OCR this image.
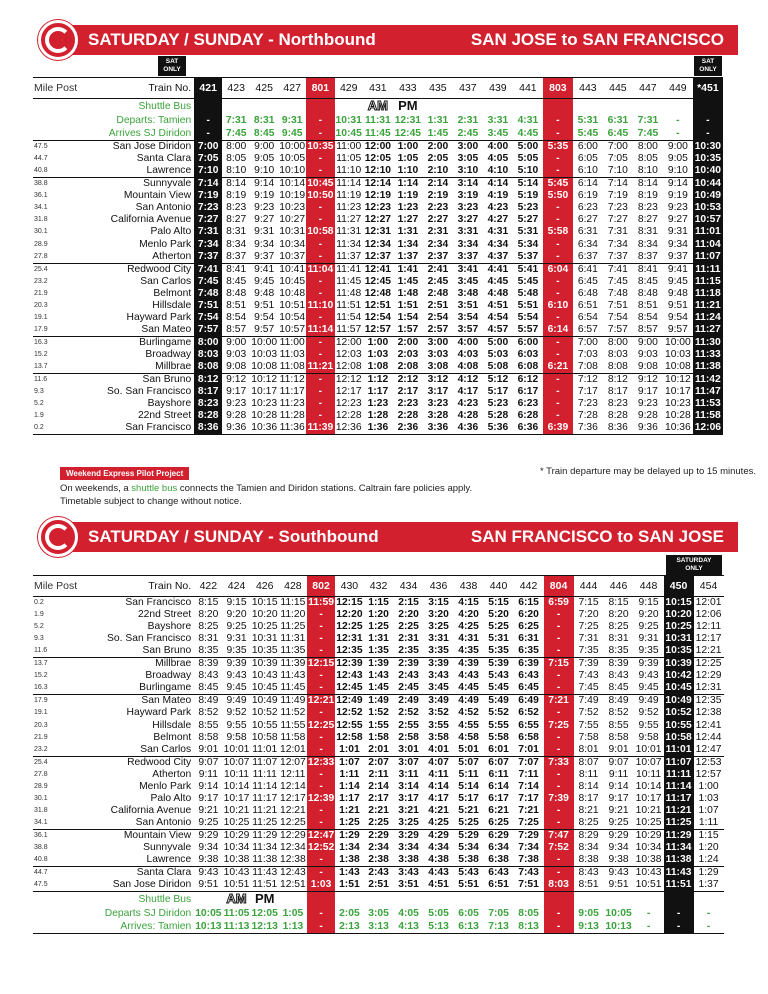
SATURDAY / SUNDAY - Northbound	SAN JOSE to SAN FRANCISCO
SAT ONLY
SAT ONLY
Mile Post		Train No.	421	423	425	427	801	429	431	433	435	437	439	441	803	443	445	447	449	*451
		Shuttle Bus							AM	PM										
		Departs: Tamien	-	7:31	8:31	9:31	-	10:31	11:31	12:31	1:31	2:31	3:31	4:31	-	5:31	6:31	7:31	-	-
		Arrives SJ Diridon	-	7:45	8:45	9:45	-	10:45	11:45	12:45	1:45	2:45	3:45	4:45	-	5:45	6:45	7:45	-	-
47.5		San Jose Diridon	7:00	8:00	9:00	10:00	10:35	11:00	12:00	1:00	2:00	3:00	4:00	5:00	5:35	6:00	7:00	8:00	9:00	10:30
44.7		Santa Clara	7:05	8:05	9:05	10:05	-	11:05	12:05	1:05	2:05	3:05	4:05	5:05	-	6:05	7:05	8:05	9:05	10:35
40.8		Lawrence	7:10	8:10	9:10	10:10	-	11:10	12:10	1:10	2:10	3:10	4:10	5:10	-	6:10	7:10	8:10	9:10	10:40
38.8		Sunnyvale	7:14	8:14	9:14	10:14	10:45	11:14	12:14	1:14	2:14	3:14	4:14	5:14	5:45	6:14	7:14	8:14	9:14	10:44
36.1		Mountain View	7:19	8:19	9:19	10:19	10:50	11:19	12:19	1:19	2:19	3:19	4:19	5:19	5:50	6:19	7:19	8:19	9:19	10:49
34.1		San Antonio	7:23	8:23	9:23	10:23	-	11:23	12:23	1:23	2:23	3:23	4:23	5:23	-	6:23	7:23	8:23	9:23	10:53
31.8		California Avenue	7:27	8:27	9:27	10:27	-	11:27	12:27	1:27	2:27	3:27	4:27	5:27	-	6:27	7:27	8:27	9:27	10:57
30.1		Palo Alto	7:31	8:31	9:31	10:31	10:58	11:31	12:31	1:31	2:31	3:31	4:31	5:31	5:58	6:31	7:31	8:31	9:31	11:01
28.9		Menlo Park	7:34	8:34	9:34	10:34	-	11:34	12:34	1:34	2:34	3:34	4:34	5:34	-	6:34	7:34	8:34	9:34	11:04
27.8		Atherton	7:37	8:37	9:37	10:37	-	11:37	12:37	1:37	2:37	3:37	4:37	5:37	-	6:37	7:37	8:37	9:37	11:07
25.4		Redwood City	7:41	8:41	9:41	10:41	11:04	11:41	12:41	1:41	2:41	3:41	4:41	5:41	6:04	6:41	7:41	8:41	9:41	11:11
23.2		San Carlos	7:45	8:45	9:45	10:45	-	11:45	12:45	1:45	2:45	3:45	4:45	5:45	-	6:45	7:45	8:45	9:45	11:15
21.9		Belmont	7:48	8:48	9:48	10:48	-	11:48	12:48	1:48	2:48	3:48	4:48	5:48	-	6:48	7:48	8:48	9:48	11:18
20.3		Hillsdale	7:51	8:51	9:51	10:51	11:10	11:51	12:51	1:51	2:51	3:51	4:51	5:51	6:10	6:51	7:51	8:51	9:51	11:21
19.1		Hayward Park	7:54	8:54	9:54	10:54	-	11:54	12:54	1:54	2:54	3:54	4:54	5:54	-	6:54	7:54	8:54	9:54	11:24
17.9		San Mateo	7:57	8:57	9:57	10:57	11:14	11:57	12:57	1:57	2:57	3:57	4:57	5:57	6:14	6:57	7:57	8:57	9:57	11:27
16.3		Burlingame	8:00	9:00	10:00	11:00	-	12:00	1:00	2:00	3:00	4:00	5:00	6:00	-	7:00	8:00	9:00	10:00	11:30
15.2		Broadway	8:03	9:03	10:03	11:03	-	12:03	1:03	2:03	3:03	4:03	5:03	6:03	-	7:03	8:03	9:03	10:03	11:33
13.7		Millbrae	8:08	9:08	10:08	11:08	11:21	12:08	1:08	2:08	3:08	4:08	5:08	6:08	6:21	7:08	8:08	9:08	10:08	11:38
11.6		San Bruno	8:12	9:12	10:12	11:12	-	12:12	1:12	2:12	3:12	4:12	5:12	6:12	-	7:12	8:12	9:12	10:12	11:42
9.3		So. San Francisco	8:17	9:17	10:17	11:17	-	12:17	1:17	2:17	3:17	4:17	5:17	6:17	-	7:17	8:17	9:17	10:17	11:47
5.2		Bayshore	8:23	9:23	10:23	11:23	-	12:23	1:23	2:23	3:23	4:23	5:23	6:23	-	7:23	8:23	9:23	10:23	11:53
1.9		22nd Street	8:28	9:28	10:28	11:28	-	12:28	1:28	2:28	3:28	4:28	5:28	6:28	-	7:28	8:28	9:28	10:28	11:58
0.2		San Francisco	8:36	9:36	10:36	11:36	11:39	12:36	1:36	2:36	3:36	4:36	5:36	6:36	6:39	7:36	8:36	9:36	10:36	12:06
Weekend Express Pilot Project	* Train departure may be delayed up to 15 minutes.
On weekends, a shuttle bus connects the Tamien and Diridon stations. Caltrain fare policies apply.
Timetable subject to change without notice.
SATURDAY / SUNDAY - Southbound	SAN FRANCISCO to SAN JOSE
SATURDAY ONLY
Mile Post		Train No.	422	424	426	428	802	430	432	434	436	438	440	442	804	444	446	448	450	454
0.2		San Francisco	8:15	9:15	10:15	11:15	11:59	12:15	1:15	2:15	3:15	4:15	5:15	6:15	6:59	7:15	8:15	9:15	10:15	12:01
1.9		22nd Street	8:20	9:20	10:20	11:20	-	12:20	1:20	2:20	3:20	4:20	5:20	6:20	-	7:20	8:20	9:20	10:20	12:06
5.2		Bayshore	8:25	9:25	10:25	11:25	-	12:25	1:25	2:25	3:25	4:25	5:25	6:25	-	7:25	8:25	9:25	10:25	12:11
9.3		So. San Francisco	8:31	9:31	10:31	11:31	-	12:31	1:31	2:31	3:31	4:31	5:31	6:31	-	7:31	8:31	9:31	10:31	12:17
11.6		San Bruno	8:35	9:35	10:35	11:35	-	12:35	1:35	2:35	3:35	4:35	5:35	6:35	-	7:35	8:35	9:35	10:35	12:21
13.7		Millbrae	8:39	9:39	10:39	11:39	12:15	12:39	1:39	2:39	3:39	4:39	5:39	6:39	7:15	7:39	8:39	9:39	10:39	12:25
15.2		Broadway	8:43	9:43	10:43	11:43	-	12:43	1:43	2:43	3:43	4:43	5:43	6:43	-	7:43	8:43	9:43	10:42	12:29
16.3		Burlingame	8:45	9:45	10:45	11:45	-	12:45	1:45	2:45	3:45	4:45	5:45	6:45	-	7:45	8:45	9:45	10:45	12:31
17.9		San Mateo	8:49	9:49	10:49	11:49	12:21	12:49	1:49	2:49	3:49	4:49	5:49	6:49	7:21	7:49	8:49	9:49	10:49	12:35
19.1		Hayward Park	8:52	9:52	10:52	11:52	-	12:52	1:52	2:52	3:52	4:52	5:52	6:52	-	7:52	8:52	9:52	10:52	12:38
20.3		Hillsdale	8:55	9:55	10:55	11:55	12:25	12:55	1:55	2:55	3:55	4:55	5:55	6:55	7:25	7:55	8:55	9:55	10:55	12:41
21.9		Belmont	8:58	9:58	10:58	11:58	-	12:58	1:58	2:58	3:58	4:58	5:58	6:58	-	7:58	8:58	9:58	10:58	12:44
23.2		San Carlos	9:01	10:01	11:01	12:01	-	1:01	2:01	3:01	4:01	5:01	6:01	7:01	-	8:01	9:01	10:01	11:01	12:47
25.4		Redwood City	9:07	10:07	11:07	12:07	12:33	1:07	2:07	3:07	4:07	5:07	6:07	7:07	7:33	8:07	9:07	10:07	11:07	12:53
27.8		Atherton	9:11	10:11	11:11	12:11	-	1:11	2:11	3:11	4:11	5:11	6:11	7:11	-	8:11	9:11	10:11	11:11	12:57
28.9		Menlo Park	9:14	10:14	11:14	12:14	-	1:14	2:14	3:14	4:14	5:14	6:14	7:14	-	8:14	9:14	10:14	11:14	1:00
30.1		Palo Alto	9:17	10:17	11:17	12:17	12:39	1:17	2:17	3:17	4:17	5:17	6:17	7:17	7:39	8:17	9:17	10:17	11:17	1:03
31.8		California Avenue	9:21	10:21	11:21	12:21	-	1:21	2:21	3:21	4:21	5:21	6:21	7:21	-	8:21	9:21	10:21	11:21	1:07
34.1		San Antonio	9:25	10:25	11:25	12:25	-	1:25	2:25	3:25	4:25	5:25	6:25	7:25	-	8:25	9:25	10:25	11:25	1:11
36.1		Mountain View	9:29	10:29	11:29	12:29	12:47	1:29	2:29	3:29	4:29	5:29	6:29	7:29	7:47	8:29	9:29	10:29	11:29	1:15
38.8		Sunnyvale	9:34	10:34	11:34	12:34	12:52	1:34	2:34	3:34	4:34	5:34	6:34	7:34	7:52	8:34	9:34	10:34	11:34	1:20
40.8		Lawrence	9:38	10:38	11:38	12:38	-	1:38	2:38	3:38	4:38	5:38	6:38	7:38	-	8:38	9:38	10:38	11:38	1:24
44.7		Santa Clara	9:43	10:43	11:43	12:43	-	1:43	2:43	3:43	4:43	5:43	6:43	7:43	-	8:43	9:43	10:43	11:43	1:29
47.5		San Jose Diridon	9:51	10:51	11:51	12:51	1:03	1:51	2:51	3:51	4:51	5:51	6:51	7:51	8:03	8:51	9:51	10:51	11:51	1:37
		Shuttle Bus		AM	PM															
		Departs SJ Diridon	10:05	11:05	12:05	1:05	-	2:05	3:05	4:05	5:05	6:05	7:05	8:05	-	9:05	10:05	-	-	-
		Arrives: Tamien	10:13	11:13	12:13	1:13	-	2:13	3:13	4:13	5:13	6:13	7:13	8:13	-	9:13	10:13	-	-	-
